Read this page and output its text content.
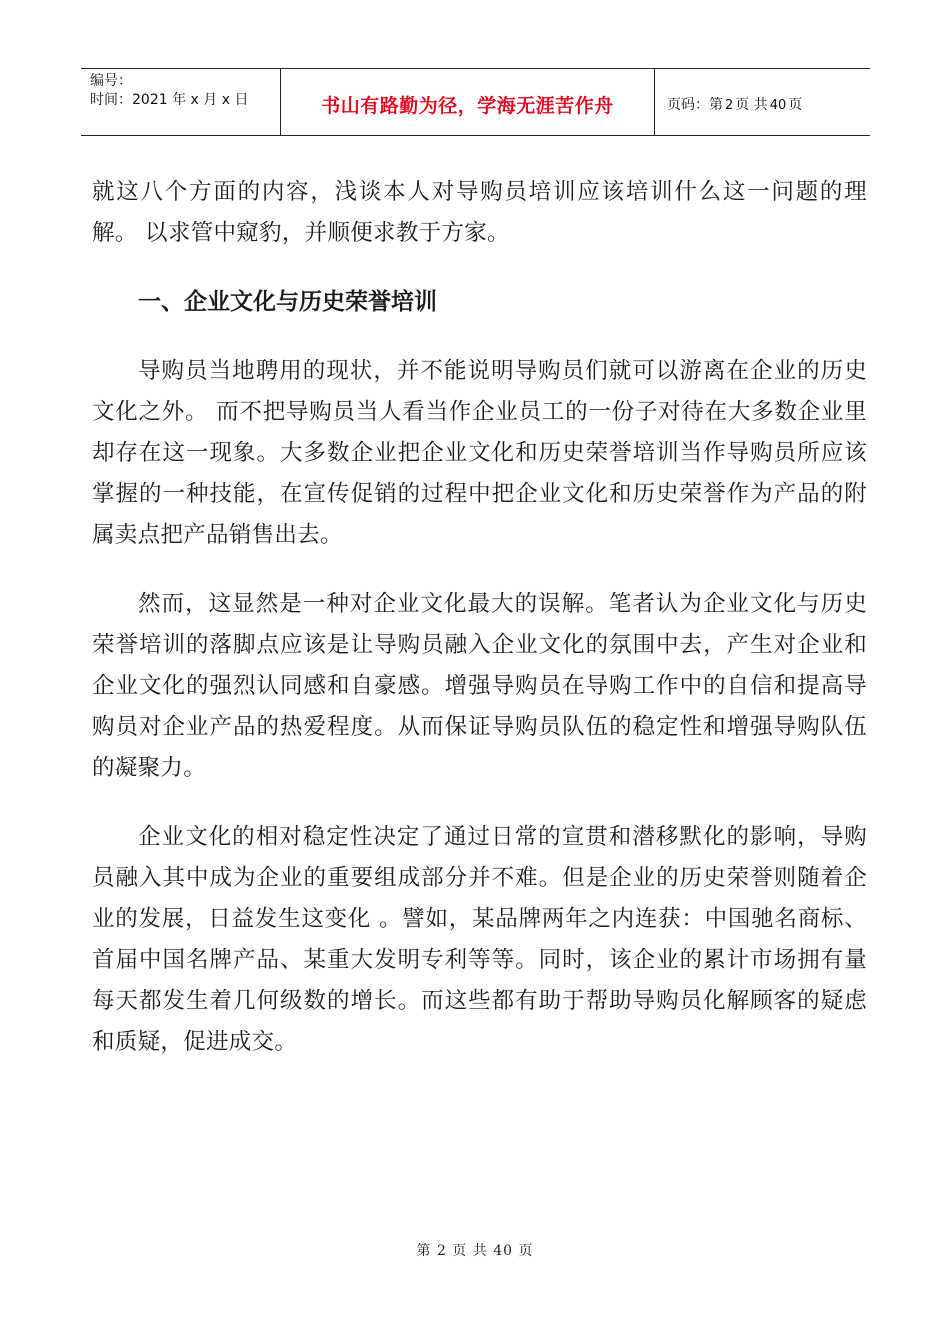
编号：
时间：2021 年 x 月 x 日	书山有路勤为径，学海无涯苦作舟	页码：第 2 页 共 40 页

就这八个方面的内容，浅谈本人对导购员培训应该培训什么这一问题的理解。 以求管中窥豹，并顺便求教于方家。

一、企业文化与历史荣誉培训

导购员当地聘用的现状，并不能说明导购员们就可以游离在企业的历史文化之外。 而不把导购员当人看当作企业员工的一份子对待在大多数企业里却存在这一现象。大多数企业把企业文化和历史荣誉培训当作导购员所应该掌握的一种技能，在宣传促销的过程中把企业文化和历史荣誉作为产品的附属卖点把产品销售出去。

然而，这显然是一种对企业文化最大的误解。笔者认为企业文化与历史荣誉培训的落脚点应该是让导购员融入企业文化的氛围中去，产生对企业和企业文化的强烈认同感和自豪感。增强导购员在导购工作中的自信和提高导购员对企业产品的热爱程度。从而保证导购员队伍的稳定性和增强导购队伍的凝聚力。

企业文化的相对稳定性决定了通过日常的宣贯和潜移默化的影响，导购员融入其中成为企业的重要组成部分并不难。但是企业的历史荣誉则随着企业的发展，日益发生这变化 。譬如，某品牌两年之内连获：中国驰名商标、首届中国名牌产品、某重大发明专利等等。同时，该企业的累计市场拥有量每天都发生着几何级数的增长。而这些都有助于帮助导购员化解顾客的疑虑和质疑，促进成交。

第 2 页 共 40 页
